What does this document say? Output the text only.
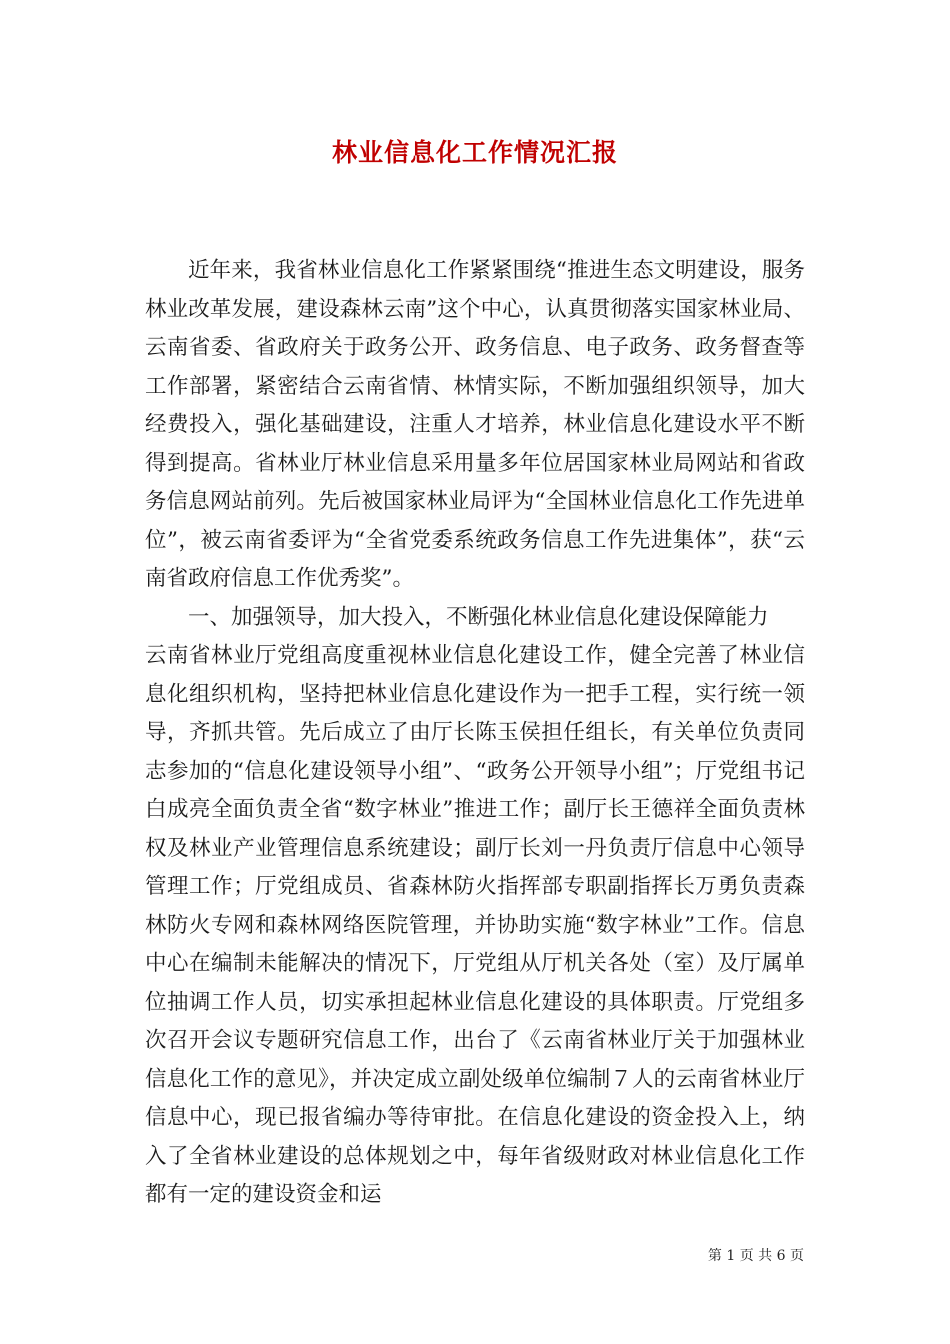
林业信息化工作情况汇报

近年来，我省林业信息化工作紧紧围绕“推进生态文明建设，服务林业改革发展，建设森林云南”这个中心，认真贯彻落实国家林业局、云南省委、省政府关于政务公开、政务信息、电子政务、政务督查等工作部署，紧密结合云南省情、林情实际，不断加强组织领导，加大经费投入，强化基础建设，注重人才培养，林业信息化建设水平不断得到提高。省林业厅林业信息采用量多年位居国家林业局网站和省政务信息网站前列。先后被国家林业局评为“全国林业信息化工作先进单位”，被云南省委评为“全省党委系统政务信息工作先进集体”，获“云南省政府信息工作优秀奖”。

一、加强领导，加大投入，不断强化林业信息化建设保障能力

云南省林业厅党组高度重视林业信息化建设工作，健全完善了林业信息化组织机构，坚持把林业信息化建设作为一把手工程，实行统一领导，齐抓共管。先后成立了由厅长陈玉侯担任组长，有关单位负责同志参加的“信息化建设领导小组”、“政务公开领导小组”；厅党组书记白成亮全面负责全省“数字林业”推进工作；副厅长王德祥全面负责林权及林业产业管理信息系统建设；副厅长刘一丹负责厅信息中心领导管理工作；厅党组成员、省森林防火指挥部专职副指挥长万勇负责森林防火专网和森林网络医院管理，并协助实施“数字林业”工作。信息中心在编制未能解决的情况下，厅党组从厅机关各处（室）及厅属单位抽调工作人员，切实承担起林业信息化建设的具体职责。厅党组多次召开会议专题研究信息工作，出台了《云南省林业厅关于加强林业信息化工作的意见》，并决定成立副处级单位编制７人的云南省林业厅信息中心，现已报省编办等待审批。在信息化建设的资金投入上，纳入了全省林业建设的总体规划之中，每年省级财政对林业信息化工作都有一定的建设资金和运

第 1 页 共 6 页
